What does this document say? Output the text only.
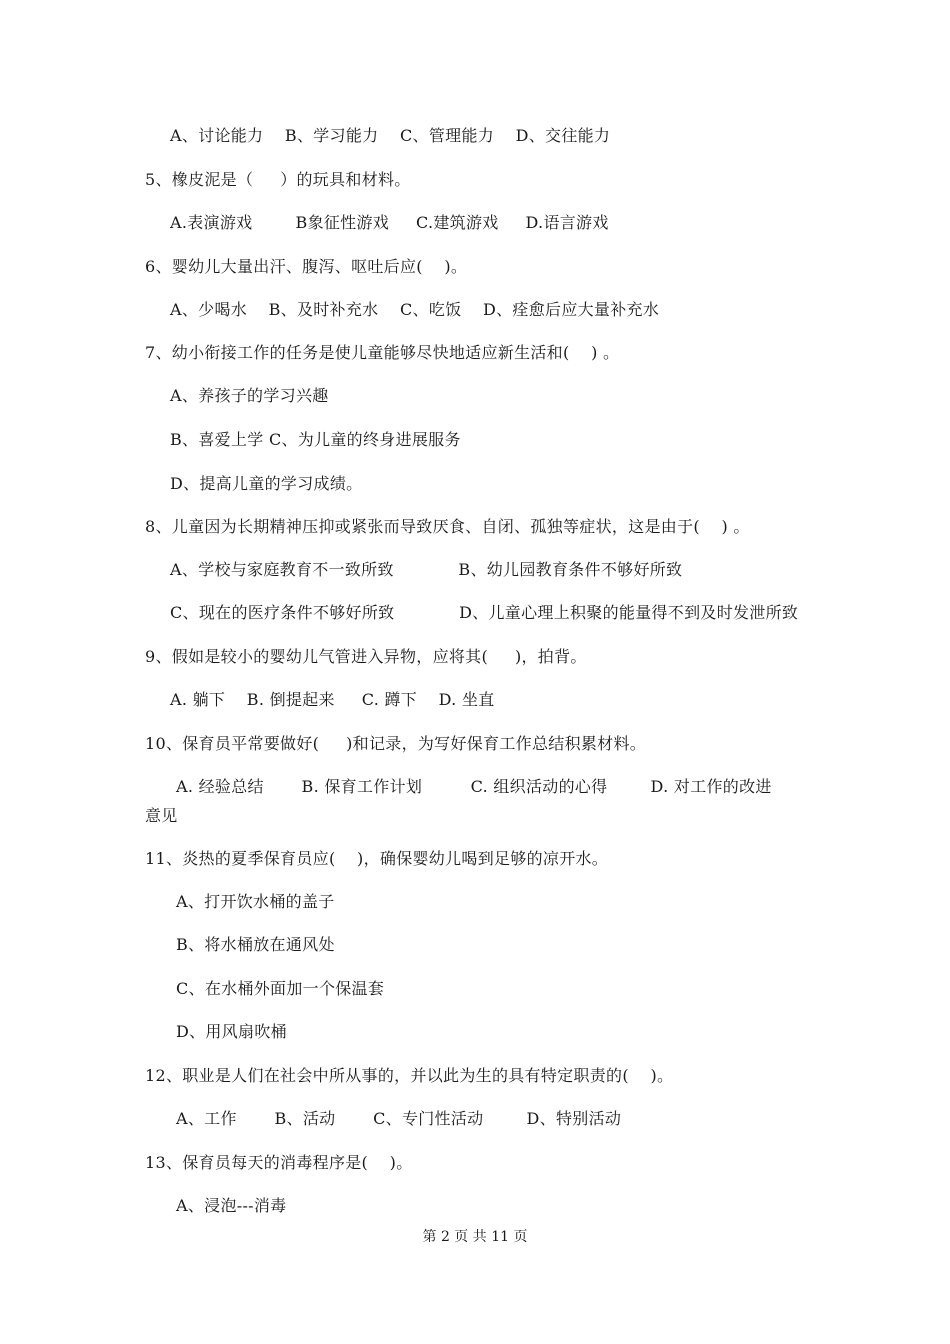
A、讨论能力    B、学习能力    C、管理能力    D、交往能力
5、橡皮泥是（     ）的玩具和材料。
A.表演游戏        B象征性游戏     C.建筑游戏     D.语言游戏
6、婴幼儿大量出汗、腹泻、呕吐后应(    )。
A、少喝水    B、及时补充水    C、吃饭    D、痊愈后应大量补充水
7、幼小衔接工作的任务是使儿童能够尽快地适应新生活和(    ) 。
A、养孩子的学习兴趣
B、喜爱上学 C、为儿童的终身进展服务
D、提高儿童的学习成绩。
8、儿童因为长期精神压抑或紧张而导致厌食、自闭、孤独等症状，这是由于(    ) 。
A、学校与家庭教育不一致所致            B、幼儿园教育条件不够好所致
C、现在的医疗条件不够好所致            D、儿童心理上积聚的能量得不到及时发泄所致
9、假如是较小的婴幼儿气管进入异物，应将其(     )，拍背。
A. 躺下    B. 倒提起来     C. 蹲下    D. 坐直
10、保育员平常要做好(     )和记录，为写好保育工作总结积累材料。
A. 经验总结       B. 保育工作计划         C. 组织活动的心得        D. 对工作的改进
意见
11、炎热的夏季保育员应(    )，确保婴幼儿喝到足够的凉开水。
A、打开饮水桶的盖子
B、将水桶放在通风处
C、在水桶外面加一个保温套
D、用风扇吹桶
12、职业是人们在社会中所从事的，并以此为生的具有特定职责的(    )。
A、工作       B、活动       C、专门性活动        D、特别活动
13、保育员每天的消毒程序是(    )。
A、浸泡---消毒
第 2 页 共 11 页
